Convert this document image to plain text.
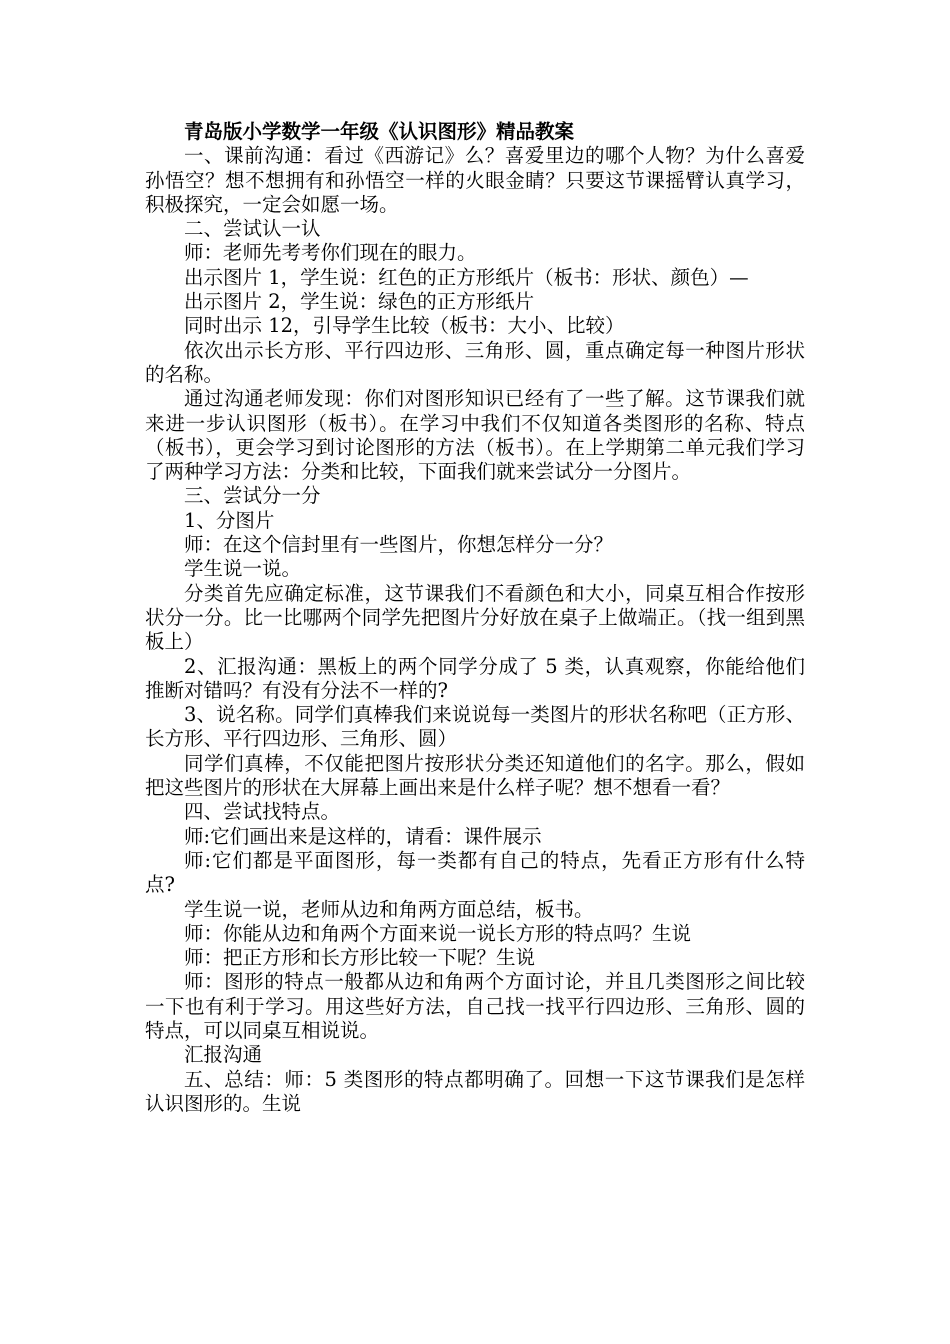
青岛版小学数学一年级《认识图形》精品教案

一、课前沟通：看过《西游记》么？喜爱里边的哪个人物？为什么喜爱孙悟空？想不想拥有和孙悟空一样的火眼金睛？只要这节课摇臂认真学习，积极探究，一定会如愿一场。

二、尝试认一认

师：老师先考考你们现在的眼力。

出示图片 1，学生说：红色的正方形纸片（板书：形状、颜色）—

出示图片 2，学生说：绿色的正方形纸片

同时出示 12，引导学生比较（板书：大小、比较）

依次出示长方形、平行四边形、三角形、圆，重点确定每一种图片形状的名称。

通过沟通老师发现：你们对图形知识已经有了一些了解。这节课我们就来进一步认识图形（板书）。在学习中我们不仅知道各类图形的名称、特点（板书），更会学习到讨论图形的方法（板书）。在上学期第二单元我们学习了两种学习方法：分类和比较，下面我们就来尝试分一分图片。

三、尝试分一分

1、分图片

师：在这个信封里有一些图片，你想怎样分一分？

学生说一说。

分类首先应确定标准，这节课我们不看颜色和大小，同桌互相合作按形状分一分。比一比哪两个同学先把图片分好放在桌子上做端正。（找一组到黑板上）

2、汇报沟通：黑板上的两个同学分成了 5 类，认真观察，你能给他们推断对错吗？有没有分法不一样的?

3、说名称。同学们真棒我们来说说每一类图片的形状名称吧（正方形、长方形、平行四边形、三角形、圆）

同学们真棒，不仅能把图片按形状分类还知道他们的名字。那么，假如把这些图片的形状在大屏幕上画出来是什么样子呢？想不想看一看？

四、尝试找特点。

师:它们画出来是这样的，请看：课件展示

师:它们都是平面图形，每一类都有自己的特点，先看正方形有什么特点?

学生说一说，老师从边和角两方面总结，板书。

师：你能从边和角两个方面来说一说长方形的特点吗？生说

师：把正方形和长方形比较一下呢？生说

师：图形的特点一般都从边和角两个方面讨论，并且几类图形之间比较一下也有利于学习。用这些好方法，自己找一找平行四边形、三角形、圆的特点，可以同桌互相说说。

汇报沟通

五、总结：师：5 类图形的特点都明确了。回想一下这节课我们是怎样认识图形的。生说
